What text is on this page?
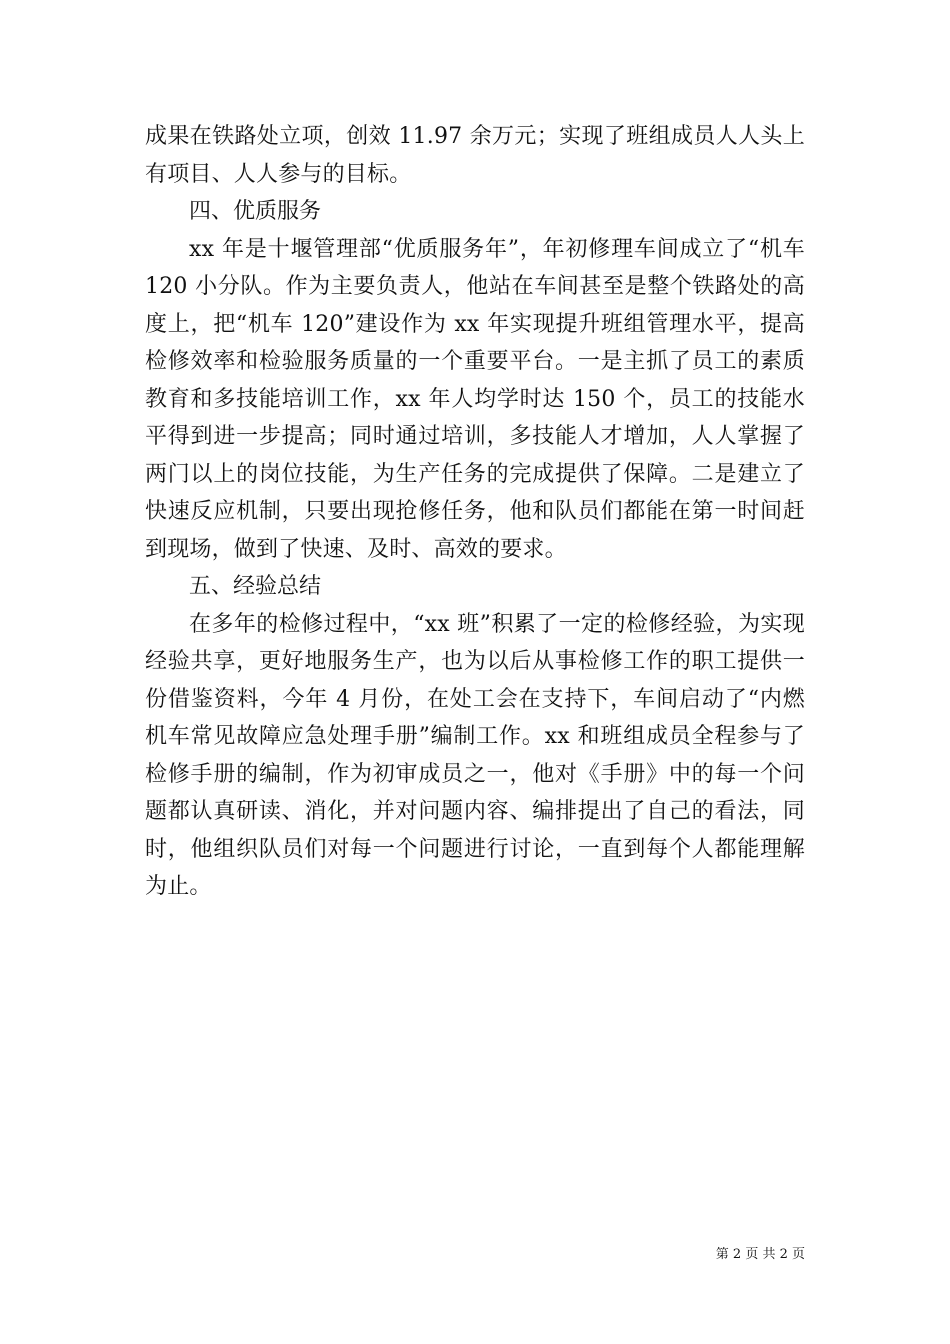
成果在铁路处立项，创效 11.97 余万元；实现了班组成员人人头上有项目、人人参与的目标。

四、优质服务

xx 年是十堰管理部“优质服务年”，年初修理车间成立了“机车 120 小分队。作为主要负责人，他站在车间甚至是整个铁路处的高度上，把“机车 120”建设作为 xx 年实现提升班组管理水平，提高检修效率和检验服务质量的一个重要平台。一是主抓了员工的素质教育和多技能培训工作，xx 年人均学时达 150 个，员工的技能水平得到进一步提高；同时通过培训，多技能人才增加，人人掌握了两门以上的岗位技能，为生产任务的完成提供了保障。二是建立了快速反应机制，只要出现抢修任务，他和队员们都能在第一时间赶到现场，做到了快速、及时、高效的要求。

五、经验总结

在多年的检修过程中，“xx 班”积累了一定的检修经验，为实现经验共享，更好地服务生产，也为以后从事检修工作的职工提供一份借鉴资料，今年 4 月份，在处工会在支持下，车间启动了“内燃机车常见故障应急处理手册”编制工作。xx 和班组成员全程参与了检修手册的编制，作为初审成员之一，他对《手册》中的每一个问题都认真研读、消化，并对问题内容、编排提出了自己的看法，同时，他组织队员们对每一个问题进行讨论，一直到每个人都能理解为止。

第 2 页 共 2 页
